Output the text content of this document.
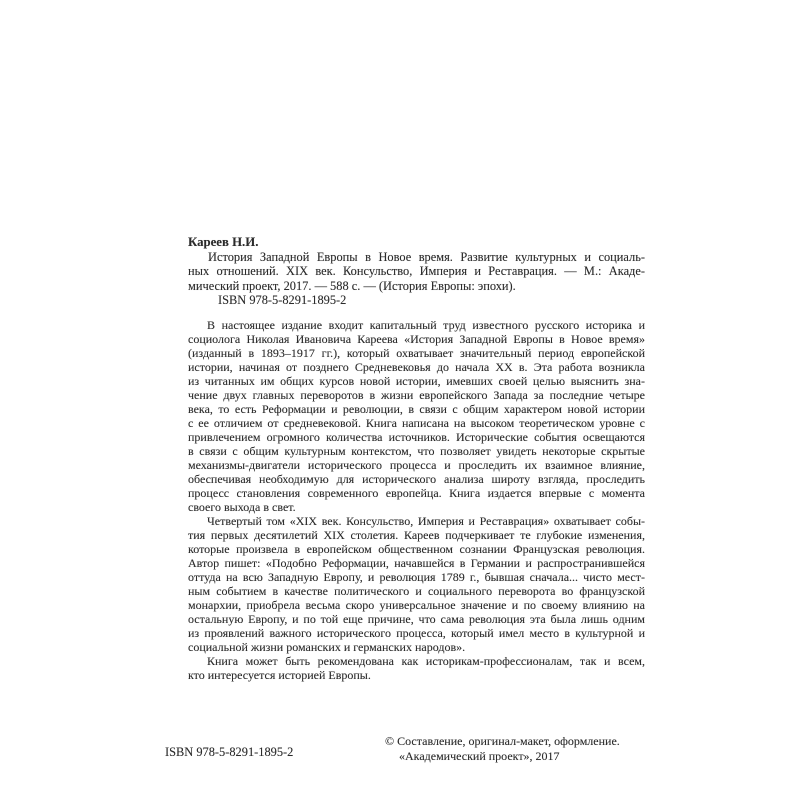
Кареев Н.И.
История Западной Европы в Новое время. Развитие культурных и социаль-
ных отношений. XIX век. Консульство, Империя и Реставрация. — М.: Акаде-
мический проект, 2017. — 588 с. — (История Европы: эпохи).
ISBN 978-5-8291-1895-2
В настоящее издание входит капитальный труд известного русского историка и
социолога Николая Ивановича Кареева «История Западной Европы в Новое время»
(изданный в 1893–1917 гг.), который охватывает значительный период европейской
истории, начиная от позднего Средневековья до начала XX в. Эта работа возникла
из читанных им общих курсов новой истории, имевших своей целью выяснить зна-
чение двух главных переворотов в жизни европейского Запада за последние четыре
века, то есть Реформации и революции, в связи с общим характером новой истории
с ее отличием от средневековой. Книга написана на высоком теоретическом уровне с
привлечением огромного количества источников. Исторические события освещаются
в связи с общим культурным контекстом, что позволяет увидеть некоторые скрытые
механизмы-двигатели исторического процесса и проследить их взаимное влияние,
обеспечивая необходимую для исторического анализа широту взгляда, проследить
процесс становления современного европейца. Книга издается впервые с момента
своего выхода в свет.
Четвертый том «XIX век. Консульство, Империя и Реставрация» охватывает собы-
тия первых десятилетий XIX столетия. Кареев подчеркивает те глубокие изменения,
которые произвела в европейском общественном сознании Французская революция.
Автор пишет: «Подобно Реформации, начавшейся в Германии и распространившейся
оттуда на всю Западную Европу, и революция 1789 г., бывшая сначала... чисто мест-
ным событием в качестве политического и социального переворота во французской
монархии, приобрела весьма скоро универсальное значение и по своему влиянию на
остальную Европу, и по той еще причине, что сама революция эта была лишь одним
из проявлений важного исторического процесса, который имел место в культурной и
социальной жизни романских и германских народов».
Книга может быть рекомендована как историкам-профессионалам, так и всем,
кто интересуется историей Европы.
ISBN 978-5-8291-1895-2
© Составление, оригинал-макет, оформление.
«Академический проект», 2017
